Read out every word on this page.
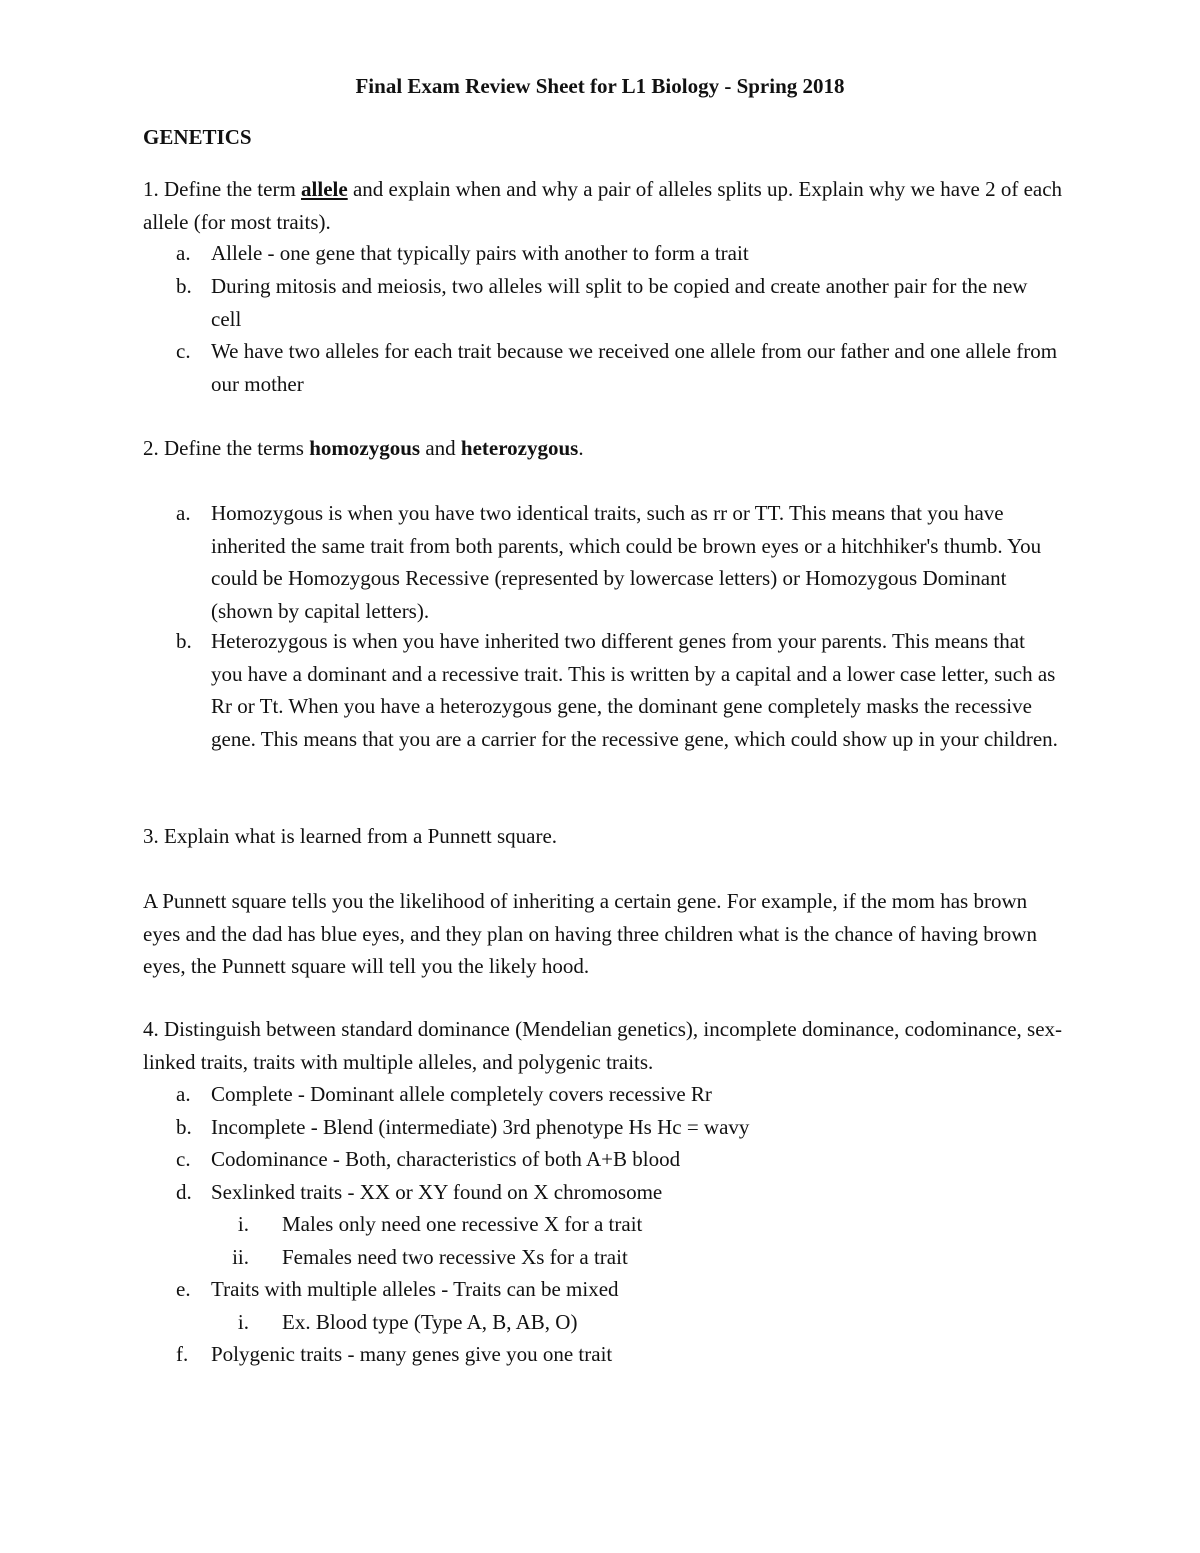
Final Exam Review Sheet for L1 Biology - Spring 2018
GENETICS
1. Define the term allele and explain when and why a pair of alleles splits up. Explain why we have 2 of each allele (for most traits).
a. Allele - one gene that typically pairs with another to form a trait
b. During mitosis and meiosis, two alleles will split to be copied and create another pair for the new cell
c. We have two alleles for each trait because we received one allele from our father and one allele from our mother
2. Define the terms homozygous and heterozygous.
a. Homozygous is when you have two identical traits, such as rr or TT. This means that you have inherited the same trait from both parents, which could be brown eyes or a hitchhiker's thumb. You could be Homozygous Recessive (represented by lowercase letters) or Homozygous Dominant (shown by capital letters).
b. Heterozygous is when you have inherited two different genes from your parents. This means that you have a dominant and a recessive trait. This is written by a capital and a lower case letter, such as Rr or Tt. When you have a heterozygous gene, the dominant gene completely masks the recessive gene. This means that you are a carrier for the recessive gene, which could show up in your children.
3. Explain what is learned from a Punnett square.
A Punnett square tells you the likelihood of inheriting a certain gene. For example, if the mom has brown eyes and the dad has blue eyes, and they plan on having three children what is the chance of having brown eyes, the Punnett square will tell you the likely hood.
4. Distinguish between standard dominance (Mendelian genetics), incomplete dominance, codominance, sex-linked traits, traits with multiple alleles, and polygenic traits.
a. Complete - Dominant allele completely covers recessive Rr
b. Incomplete - Blend (intermediate) 3rd phenotype Hs Hc = wavy
c. Codominance - Both, characteristics of both A+B blood
d. Sexlinked traits - XX or XY found on X chromosome
i. Males only need one recessive X for a trait
ii. Females need two recessive Xs for a trait
e. Traits with multiple alleles - Traits can be mixed
i. Ex. Blood type (Type A, B, AB, O)
f. Polygenic traits - many genes give you one trait
